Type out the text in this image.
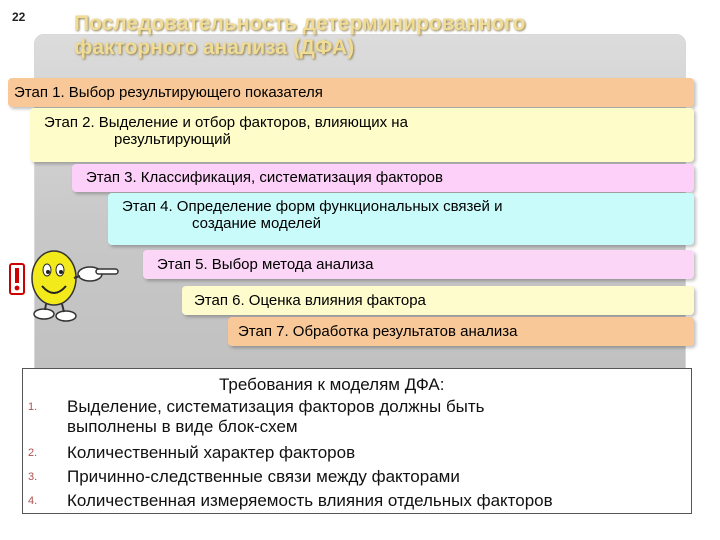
22 Последовательность детерминированного
факторного анализа (ДФА)
Этап 1. Выбор результирующего показателя
Этап 2. Выделение и отбор факторов, влияющих на
результирующий
Этап 3. Классификация, систематизация факторов
Этап 4. Определение форм функциональных связей и
создание моделей
Этап 5. Выбор метода анализа
Этап 6. Оценка влияния фактора
Этап 7. Обработка результатов анализа
Требования к моделям ДФА:
1. Выделение, систематизация факторов должны быть
выполнены в виде блок-схем
2. Количественный характер факторов
3. Причинно-следственные связи между факторами
4. Количественная измеряемость влияния отдельных факторов
